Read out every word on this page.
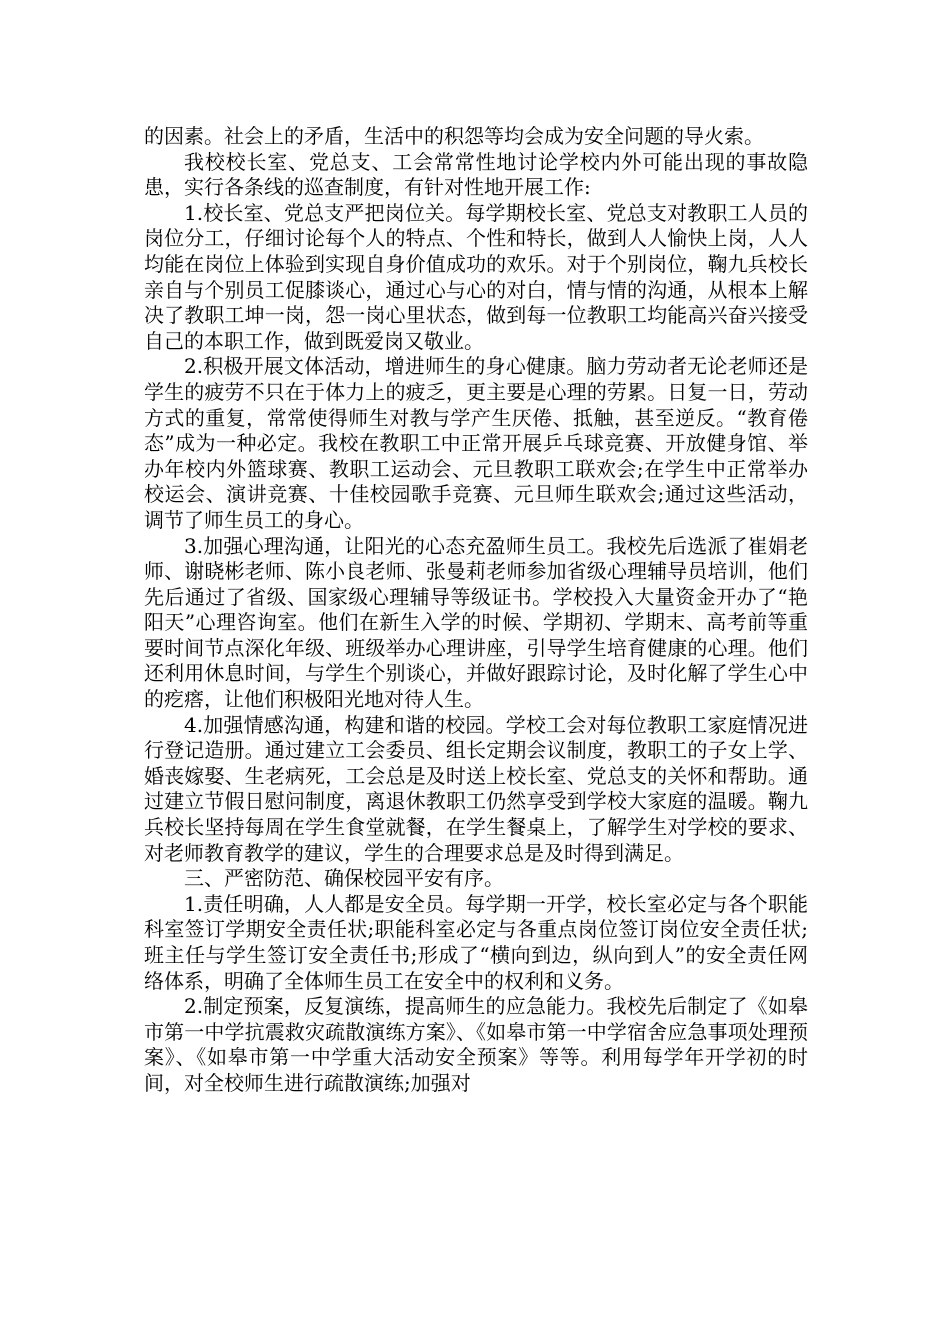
的因素。社会上的矛盾，生活中的积怨等均会成为安全问题的导火索。

我校校长室、党总支、工会常常性地讨论学校内外可能出现的事故隐患，实行各条线的巡查制度，有针对性地开展工作:

1.校长室、党总支严把岗位关。每学期校长室、党总支对教职工人员的岗位分工，仔细讨论每个人的特点、个性和特长，做到人人愉快上岗，人人均能在岗位上体验到实现自身价值成功的欢乐。对于个别岗位，鞠九兵校长亲自与个别员工促膝谈心，通过心与心的对白，情与情的沟通，从根本上解决了教职工坤一岗，怨一岗心里状态，做到每一位教职工均能高兴奋兴接受自己的本职工作，做到既爱岗又敬业。

2.积极开展文体活动，增进师生的身心健康。脑力劳动者无论老师还是学生的疲劳不只在于体力上的疲乏，更主要是心理的劳累。日复一日，劳动方式的重复，常常使得师生对教与学产生厌倦、抵触，甚至逆反。“教育倦态”成为一种必定。我校在教职工中正常开展乒乓球竞赛、开放健身馆、举办年校内外篮球赛、教职工运动会、元旦教职工联欢会;在学生中正常举办校运会、演讲竞赛、十佳校园歌手竞赛、元旦师生联欢会;通过这些活动，调节了师生员工的身心。

3.加强心理沟通，让阳光的心态充盈师生员工。我校先后选派了崔娟老师、谢晓彬老师、陈小良老师、张曼莉老师参加省级心理辅导员培训，他们先后通过了省级、国家级心理辅导等级证书。学校投入大量资金开办了“艳阳天”心理咨询室。他们在新生入学的时候、学期初、学期末、高考前等重要时间节点深化年级、班级举办心理讲座，引导学生培育健康的心理。他们还利用休息时间，与学生个别谈心，并做好跟踪讨论，及时化解了学生心中的疙瘩，让他们积极阳光地对待人生。

4.加强情感沟通，构建和谐的校园。学校工会对每位教职工家庭情况进行登记造册。通过建立工会委员、组长定期会议制度，教职工的子女上学、婚丧嫁娶、生老病死，工会总是及时送上校长室、党总支的关怀和帮助。通过建立节假日慰问制度，离退休教职工仍然享受到学校大家庭的温暖。鞠九兵校长坚持每周在学生食堂就餐，在学生餐桌上，了解学生对学校的要求、对老师教育教学的建议，学生的合理要求总是及时得到满足。

三、严密防范、确保校园平安有序。

1.责任明确，人人都是安全员。每学期一开学，校长室必定与各个职能科室签订学期安全责任状;职能科室必定与各重点岗位签订岗位安全责任状;班主任与学生签订安全责任书;形成了“横向到边，纵向到人”的安全责任网络体系，明确了全体师生员工在安全中的权利和义务。

2.制定预案，反复演练，提高师生的应急能力。我校先后制定了《如皋市第一中学抗震救灾疏散演练方案》、《如皋市第一中学宿舍应急事项处理预案》、《如皋市第一中学重大活动安全预案》等等。利用每学年开学初的时间，对全校师生进行疏散演练;加强对
